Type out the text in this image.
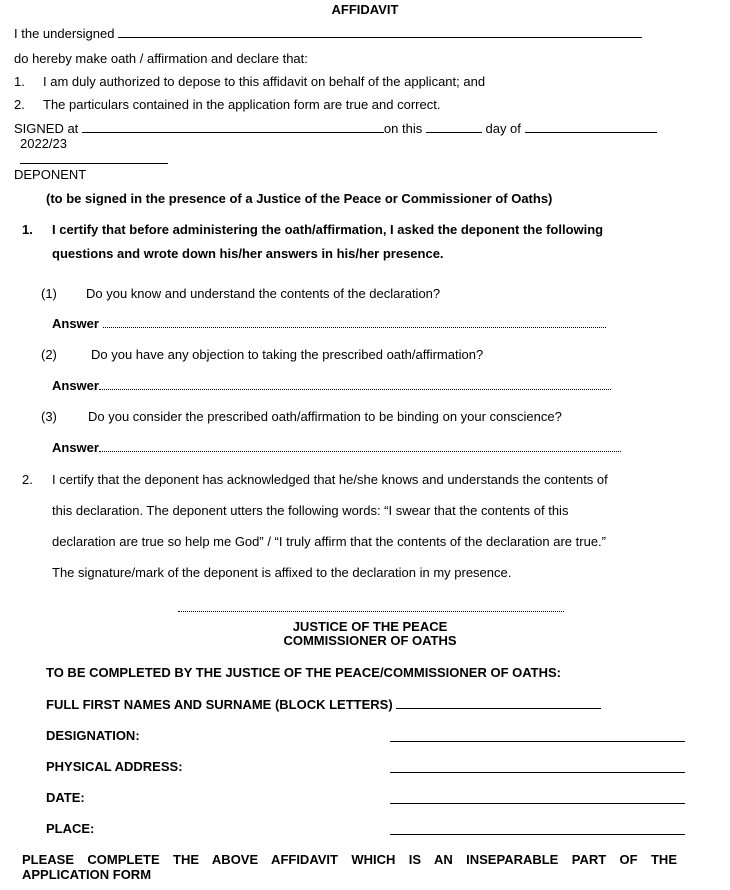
AFFIDAVIT
I the undersigned
do hereby make oath / affirmation and declare that:
1. I am duly authorized to depose to this affidavit on behalf of the applicant; and
2. The particulars contained in the application form are true and correct.
SIGNED at	on this	day of
2022/23
DEPONENT
(to be signed in the presence of a Justice of the Peace or Commissioner of Oaths)
1. I certify that before administering the oath/affirmation, I asked the deponent the following
questions and wrote down his/her answers in his/her presence.
(1) Do you know and understand the contents of the declaration?
Answer
(2)	Do you have any objection to taking the prescribed oath/affirmation?
Answer
(3) Do you consider the prescribed oath/affirmation to be binding on your conscience?
Answer
2. I certify that the deponent has acknowledged that he/she knows and understands the contents of
this declaration. The deponent utters the following words: “I swear that the contents of this
declaration are true so help me God” / “I truly affirm that the contents of the declaration are true.”
The signature/mark of the deponent is affixed to the declaration in my presence.
JUSTICE OF THE PEACE
COMMISSIONER OF OATHS
TO BE COMPLETED BY THE JUSTICE OF THE PEACE/COMMISSIONER OF OATHS:
FULL FIRST NAMES AND SURNAME (BLOCK LETTERS)
DESIGNATION:
PHYSICAL ADDRESS:
DATE:
PLACE:
PLEASE COMPLETE THE ABOVE AFFIDAVIT WHICH IS AN INSEPARABLE PART OF THE
APPLICATION FORM
